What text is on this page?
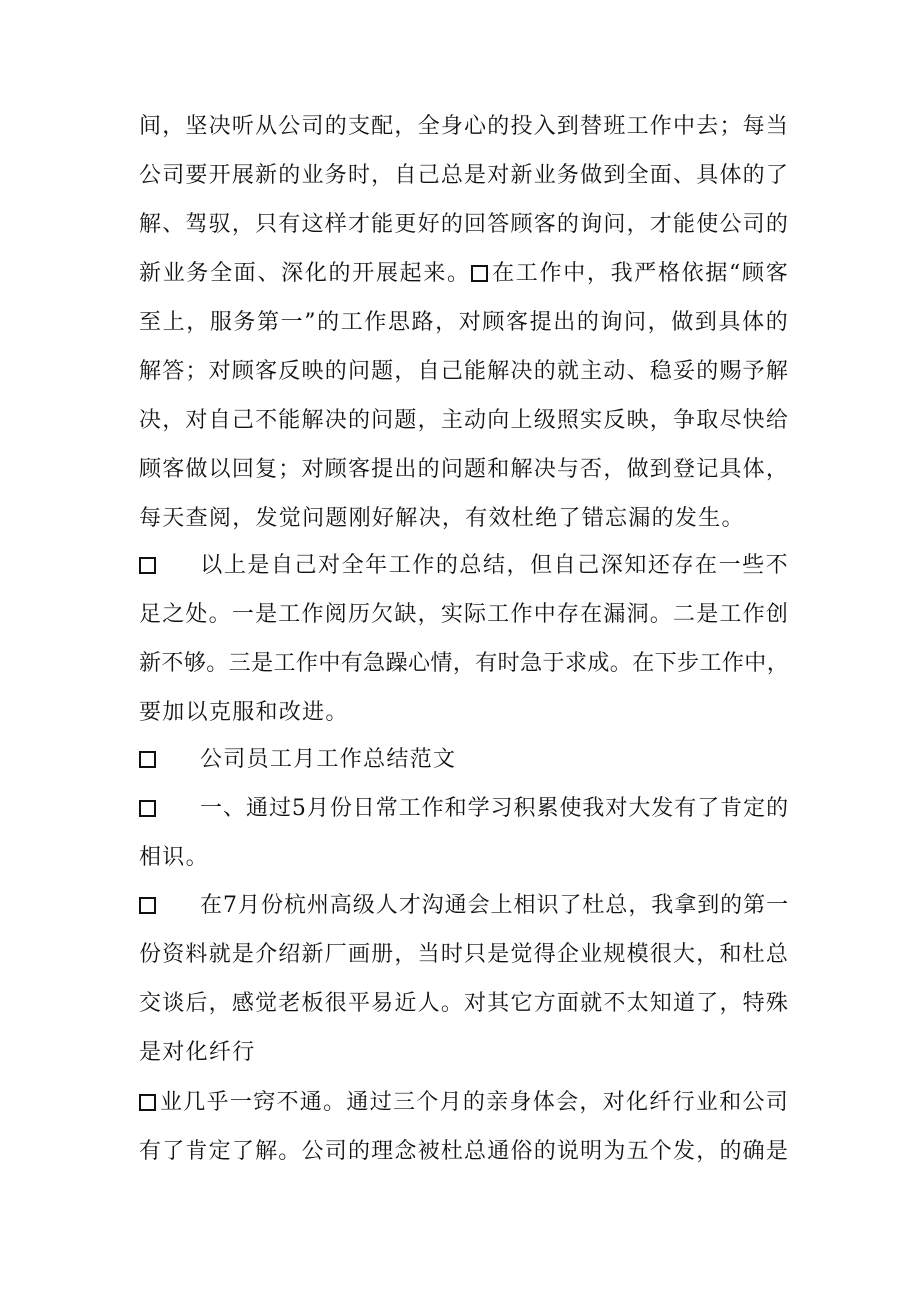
间，坚决听从公司的支配，全身心的投入到替班工作中去；每当
公司要开展新的业务时，自己总是对新业务做到全面、具体的了
解、驾驭，只有这样才能更好的回答顾客的询问，才能使公司的
新业务全面、深化的开展起来。 在工作中，我严格依据“顾客
至上，服务第一”的工作思路，对顾客提出的询问，做到具体的
解答；对顾客反映的问题，自己能解决的就主动、稳妥的赐予解
决，对自己不能解决的问题，主动向上级照实反映，争取尽快给
顾客做以回复；对顾客提出的问题和解决与否，做到登记具体，
每天查阅，发觉问题刚好解决，有效杜绝了错忘漏的发生。
以上是自己对全年工作的总结，但自己深知还存在一些不
足之处。一是工作阅历欠缺，实际工作中存在漏洞。二是工作创
新不够。三是工作中有急躁心情，有时急于求成。在下步工作中，
要加以克服和改进。
公司员工月工作总结范文
一、通过5月份日常工作和学习积累使我对大发有了肯定的
相识。
在7月份杭州高级人才沟通会上相识了杜总，我拿到的第一
份资料就是介绍新厂画册，当时只是觉得企业规模很大，和杜总
交谈后，感觉老板很平易近人。对其它方面就不太知道了，特殊
是对化纤行
业几乎一窍不通。通过三个月的亲身体会，对化纤行业和公司
有了肯定了解。公司的理念被杜总通俗的说明为五个发，的确是
